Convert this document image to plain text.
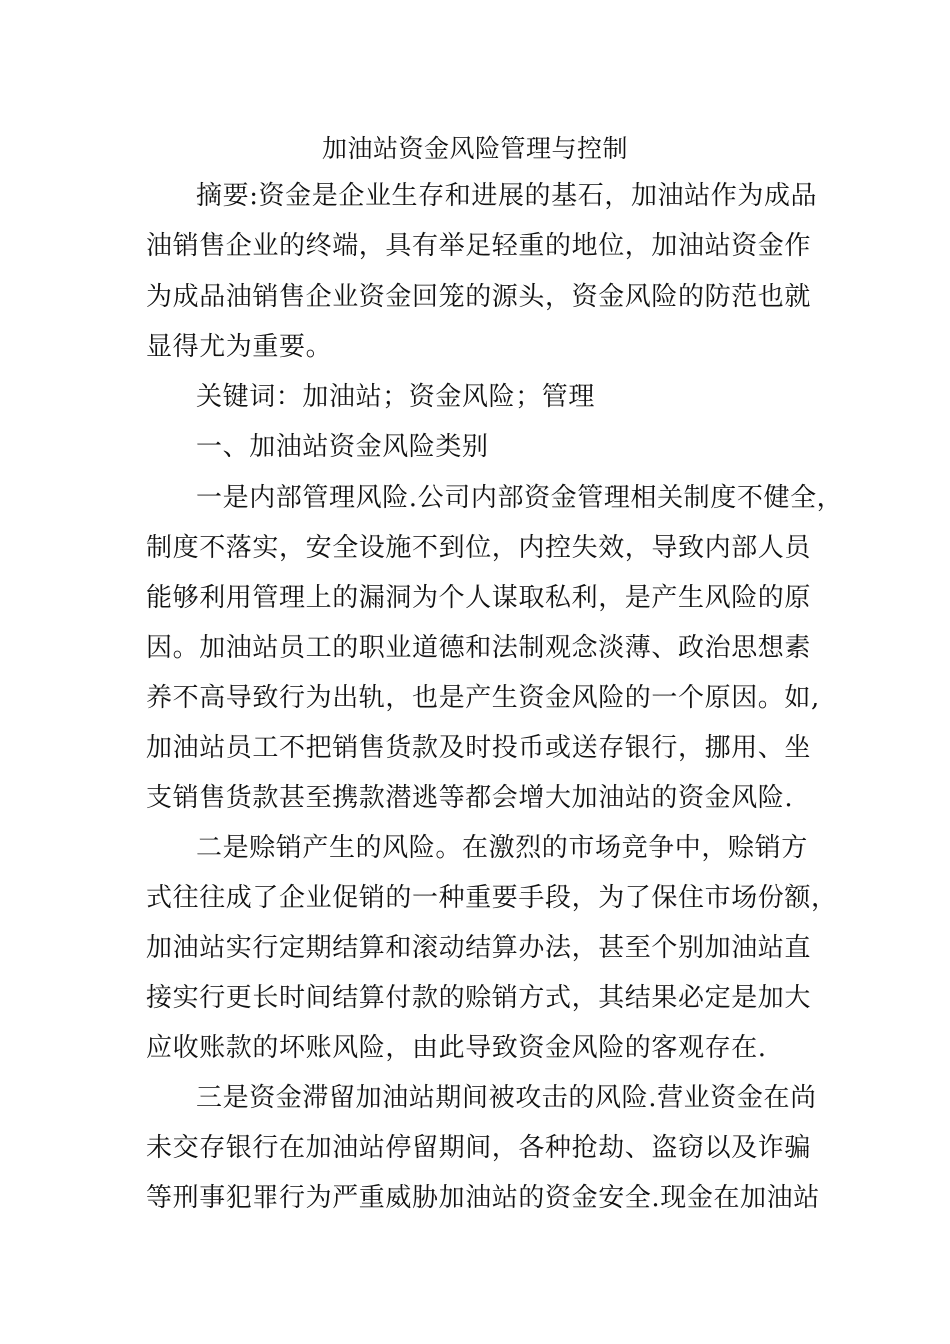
加油站资金风险管理与控制
摘要:资金是企业生存和进展的基石，加油站作为成品
油销售企业的终端，具有举足轻重的地位，加油站资金作
为成品油销售企业资金回笼的源头，资金风险的防范也就
显得尤为重要。
关键词：加油站；资金风险；管理
一、加油站资金风险类别
一是内部管理风险.公司内部资金管理相关制度不健全，
制度不落实，安全设施不到位，内控失效，导致内部人员
能够利用管理上的漏洞为个人谋取私利，是产生风险的原
因。加油站员工的职业道德和法制观念淡薄、政治思想素
养不高导致行为出轨，也是产生资金风险的一个原因。如,
加油站员工不把销售货款及时投币或送存银行，挪用、坐
支销售货款甚至携款潜逃等都会增大加油站的资金风险.
二是赊销产生的风险。在激烈的市场竞争中，赊销方
式往往成了企业促销的一种重要手段，为了保住市场份额，
加油站实行定期结算和滚动结算办法，甚至个别加油站直
接实行更长时间结算付款的赊销方式，其结果必定是加大
应收账款的坏账风险，由此导致资金风险的客观存在.
三是资金滞留加油站期间被攻击的风险.营业资金在尚
未交存银行在加油站停留期间，各种抢劫、盗窃以及诈骗
等刑事犯罪行为严重威胁加油站的资金安全.现金在加油站
